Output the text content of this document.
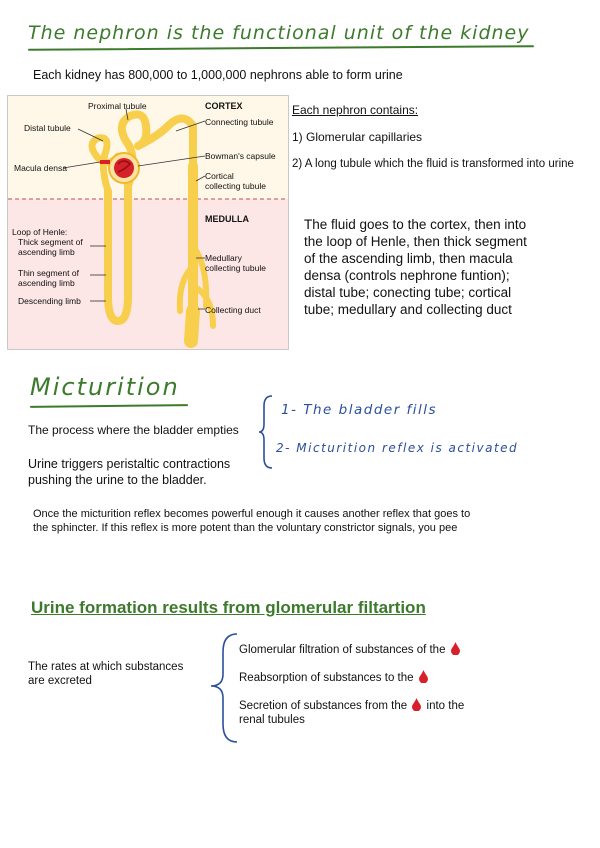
The nephron is the functional unit of the kidney
Each kidney has 800,000 to 1,000,000 nephrons able to form urine
Proximal tubule	CORTEX
Distal tubule
Connecting tubule
Macula densa
Bowman's capsule
Cortical
collecting tubule
MEDULLA
Loop of Henle:
Thick segment of
ascending limb
Thin segment of
ascending limb
Descending limb
Medullary
collecting tubule
Collecting duct
Each nephron contains:
1) Glomerular capillaries
2) A long tubule which the fluid is transformed into urine
The fluid goes to the cortex, then into
the loop of Henle, then thick segment
of the ascending limb, then macula
densa (controls nephrone funtion);
distal tube; conecting tube; cortical
tube; medullary and collecting duct
Micturition
The process where the bladder empties
1- The bladder fills
2- Micturition reflex is activated
Urine triggers peristaltic contractions
pushing the urine to the bladder.
Once the micturition reflex becomes powerful enough it causes another reflex that goes to
the sphincter. If this reflex is more potent than the voluntary constrictor signals, you pee
Urine formation results from glomerular filtartion
The rates at which substances
are excreted
Glomerular filtration of substances of the
Reabsorption of substances to the
Secretion of substances from the into the
renal tubules
